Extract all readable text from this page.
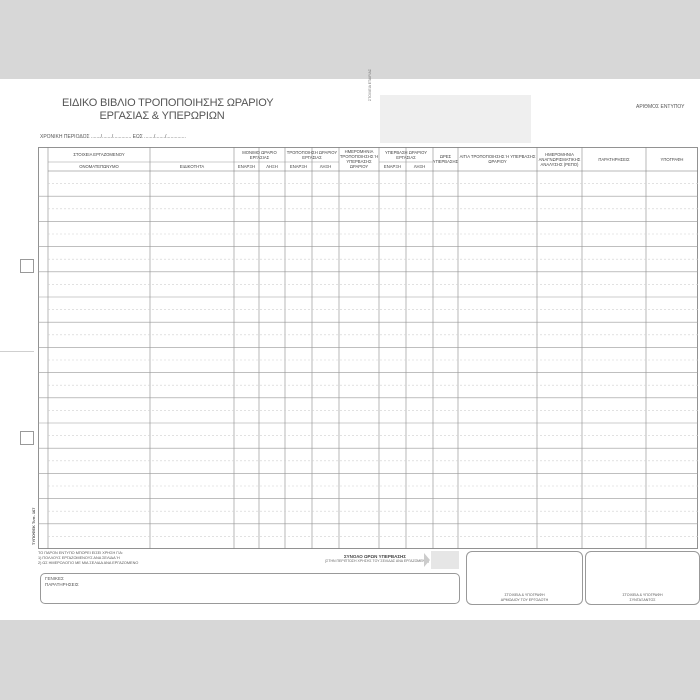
ΕΙΔΙΚΟ ΒΙΒΛΙΟ ΤΡΟΠΟΠΟΙΗΣΗΣ ΩΡΑΡΙΟΥ
ΕΡΓΑΣΙΑΣ & ΥΠΕΡΩΡΙΩΝ
ΧΡΟΝΙΚΗ ΠΕΡΙΟΔΟΣ ......./......./............. ΕΩΣ ......./......./..............
ΣΤΟΙΧΕΙΑ ΕΤΑΙΡΙΑΣ
ΑΡΙΘΜΟΣ ΕΝΤΥΠΟΥ
ΣΤΟΙΧΕΙΑ ΕΡΓΑΖΟΜΕΝΟΥ
ΟΝΟΜΑΤΕΠΩΝΥΜΟ	ΕΙΔΙΚΟΤΗΤΑ
ΜΟΝΙΜΟ ΩΡΑΡΙΟ ΕΡΓΑΣΙΑΣ
ΕΝΑΡΞΗ	ΛΗΞΗ
ΤΡΟΠΟΠΟΙΗΣΗ ΩΡΑΡΙΟΥ ΕΡΓΑΣΙΑΣ
ΕΝΑΡΞΗ	ΛΗΞΗ
ΗΜΕΡΟΜΗΝΙΑ ΤΡΟΠΟΠΟΙΗΣΗΣ Ή ΥΠΕΡΒΑΣΗΣ ΩΡΑΡΙΟΥ
ΥΠΕΡΒΑΣΗ ΩΡΑΡΙΟΥ ΕΡΓΑΣΙΑΣ
ΕΝΑΡΞΗ	ΛΗΞΗ
ΩΡΕΣ ΥΠΕΡΒΑΣΗΣ
ΑΙΤΙΑ ΤΡΟΠΟΠΟΙΗΣΗΣ Ή ΥΠΕΡΒΑΣΗΣ ΩΡΑΡΙΟΥ
ΗΜΕΡΟΜΗΝΙΑ ΑΝΑΓΝΩΡΙΣΜΑΤΙΚΗΣ ΑΝΑΛΥΣΗΣ (ΡΕΠΟ)
ΠΑΡΑΤΗΡΗΣΕΙΣ	ΥΠΟΓΡΑΦΗ
ΤΥΠΟΦΕΚ Τυπ. 167
ΤΟ ΠΑΡΟΝ ΕΝΤΥΠΟ ΜΠΟΡΕΙ ΕΙΣΕΙ ΧΡΗΣΗ ΓΙΑ:
1) ΠΟΛΛΟΥΣ ΕΡΓΑΖΟΜΕΝΟΥΣ ΑΝΑ ΣΕΛΙΔΑ Ή
2) ΩΣ ΗΜΕΡΟΛΟΓΙΟ ΜΕ ΜΙΑ ΣΕΛΙΔΑ ΑΝΑ ΕΡΓΑΖΟΜΕΝΟ
ΣΥΝΟΛΟ ΩΡΩΝ ΥΠΕΡΒΑΣΗΣ
(ΣΤΗΝ ΠΕΡΙΠΤΩΣΗ ΧΡΗΣΗΣ ΤΟΥ ΣΕΛΙΔΑΣ ΑΝΑ ΕΡΓΑΖΟΜΕΝΟ)
ΓΕΝΙΚΕΣ
ΠΑΡΑΤΗΡΗΣΕΙΣ
ΣΤΟΙΧΕΙΑ & ΥΠΟΓΡΑΦΗ
ΑΡΜΟΔΙΟΥ ΤΟΥ ΕΡΓΟΔΟΤΗ
ΣΤΟΙΧΕΙΑ & ΥΠΟΓΡΑΦΗ
ΣΥΝΤΑΞΑΝΤΟΣ
